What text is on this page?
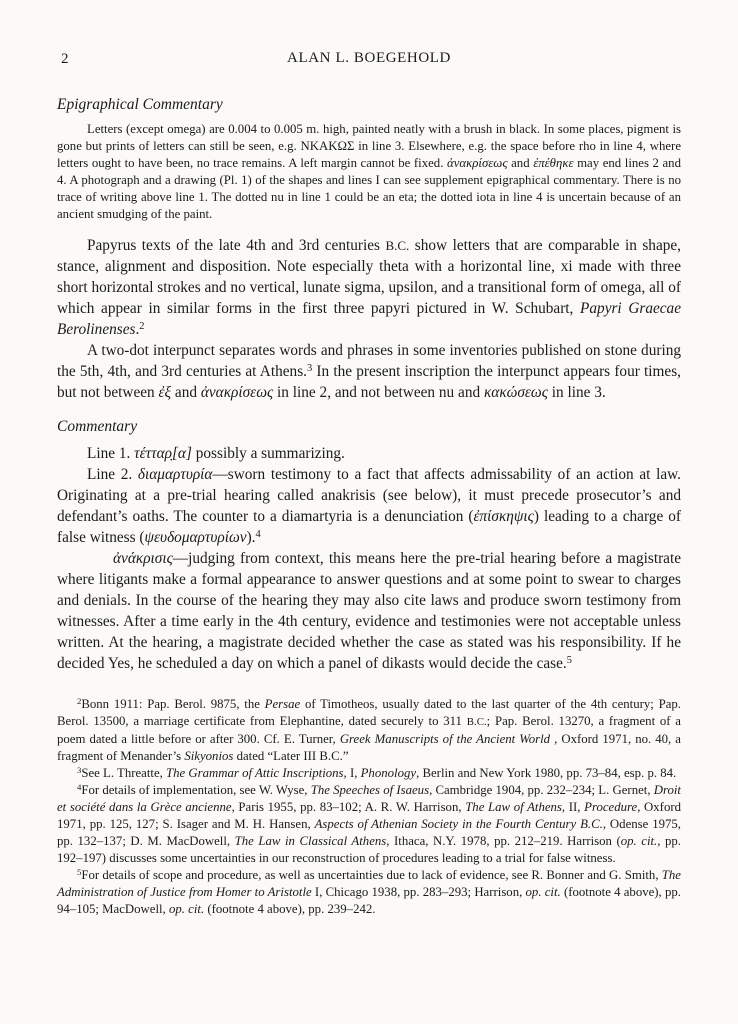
2	ALAN L. BOEGEHOLD
Epigraphical Commentary

Letters (except omega) are 0.004 to 0.005 m. high, painted neatly with a brush in black. In some places, pigment is gone but prints of letters can still be seen, e.g. ΝΚΑΚΩΣ in line 3. Elsewhere, e.g. the space before rho in line 4, where letters ought to have been, no trace remains. A left margin cannot be fixed. ἀνακρίσεως and ἐπέθηκε may end lines 2 and 4. A photograph and a drawing (Pl. 1) of the shapes and lines I can see supplement epigraphical commentary. There is no trace of writing above line 1. The dotted nu in line 1 could be an eta; the dotted iota in line 4 is uncertain because of an ancient smudging of the paint.

Papyrus texts of the late 4th and 3rd centuries B.C. show letters that are comparable in shape, stance, alignment and disposition. Note especially theta with a horizontal line, xi made with three short horizontal strokes and no vertical, lunate sigma, upsilon, and a transitional form of omega, all of which appear in similar forms in the first three papyri pictured in W. Schubart, Papyri Graecae Berolinenses.$^2$

A two-dot interpunct separates words and phrases in some inventories published on stone during the 5th, 4th, and 3rd centuries at Athens.$^3$ In the present inscription the interpunct appears four times, but not between ἐξ and ἀνακρίσεως in line 2, and not between nu and κακώσεως in line 3.

Commentary

Line 1. τέτταρ̣[α] possibly a summarizing.

Line 2. διαμαρτυρία—sworn testimony to a fact that affects admissability of an action at law. Originating at a pre-trial hearing called anakrisis (see below), it must precede prosecutor’s and defendant’s oaths. The counter to a diamartyria is a denunciation (ἐπίσκηψις) leading to a charge of false witness (ψευδομαρτυρίων).$^4$

ἀνάκρισις—judging from context, this means here the pre-trial hearing before a magistrate where litigants make a formal appearance to answer questions and at some point to swear to charges and denials. In the course of the hearing they may also cite laws and produce sworn testimony from witnesses. After a time early in the 4th century, evidence and testimonies were not acceptable unless written. At the hearing, a magistrate decided whether the case as stated was his responsibility. If he decided Yes, he scheduled a day on which a panel of dikasts would decide the case.$^5$

$^2$Bonn 1911: Pap. Berol. 9875, the Persae of Timotheos, usually dated to the last quarter of the 4th century; Pap. Berol. 13500, a marriage certificate from Elephantine, dated securely to 311 B.C.; Pap. Berol. 13270, a fragment of a poem dated a little before or after 300. Cf. E. Turner, Greek Manuscripts of the Ancient World , Oxford 1971, no. 40, a fragment of Menander’s Sikyonios dated “Later III B.C.”

$^3$See L. Threatte, The Grammar of Attic Inscriptions, I, Phonology, Berlin and New York 1980, pp. 73–84, esp. p. 84.

$^4$For details of implementation, see W. Wyse, The Speeches of Isaeus, Cambridge 1904, pp. 232–234; L. Gernet, Droit et société dans la Grèce ancienne, Paris 1955, pp. 83–102; A. R. W. Harrison, The Law of Athens, II, Procedure, Oxford 1971, pp. 125, 127; S. Isager and M. H. Hansen, Aspects of Athenian Society in the Fourth Century B.C., Odense 1975, pp. 132–137; D. M. MacDowell, The Law in Classical Athens, Ithaca, N.Y. 1978, pp. 212–219. Harrison (op. cit., pp. 192–197) discusses some uncertainties in our reconstruction of procedures leading to a trial for false witness.

$^5$For details of scope and procedure, as well as uncertainties due to lack of evidence, see R. Bonner and G. Smith, The Administration of Justice from Homer to Aristotle I, Chicago 1938, pp. 283–293; Harrison, op. cit. (footnote 4 above), pp. 94–105; MacDowell, op. cit. (footnote 4 above), pp. 239–242.
